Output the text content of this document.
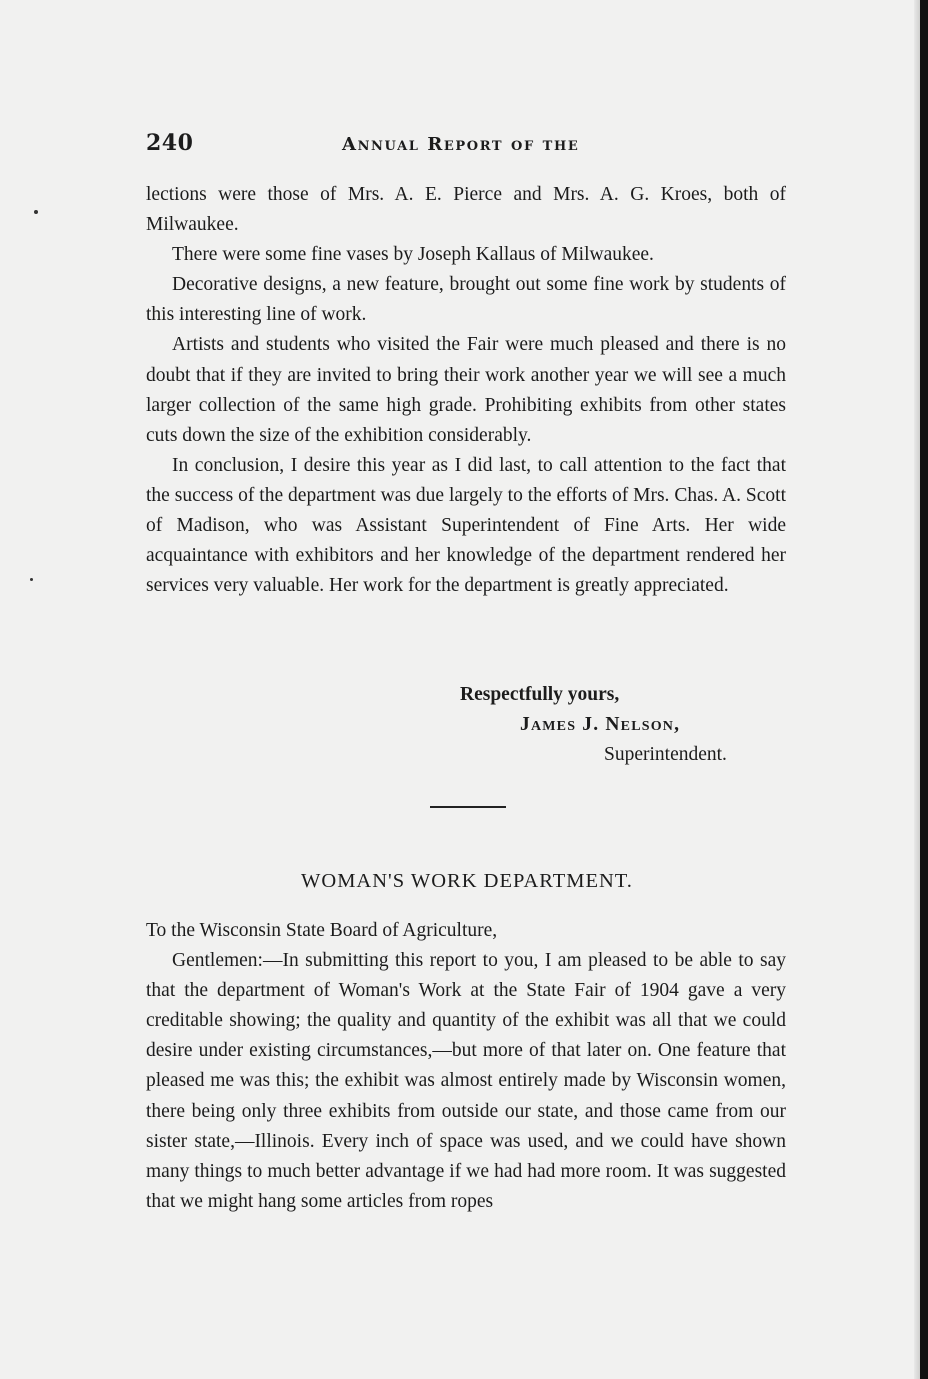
240	Annual Report of the

lections were those of Mrs. A. E. Pierce and Mrs. A. G. Kroes, both of Milwaukee.

There were some fine vases by Joseph Kallaus of Milwaukee.

Decorative designs, a new feature, brought out some fine work by students of this interesting line of work.

Artists and students who visited the Fair were much pleased and there is no doubt that if they are invited to bring their work another year we will see a much larger collection of the same high grade. Prohibiting exhibits from other states cuts down the size of the exhibition considerably.

In conclusion, I desire this year as I did last, to call attention to the fact that the success of the department was due largely to the efforts of Mrs. Chas. A. Scott of Madison, who was Assistant Superintendent of Fine Arts. Her wide acquaintance with exhibitors and her knowledge of the department rendered her services very valuable. Her work for the department is greatly appreciated.

Respectfully yours,
James J. Nelson,
Superintendent.
WOMAN'S WORK DEPARTMENT.

To the Wisconsin State Board of Agriculture,

Gentlemen:—In submitting this report to you, I am pleased to be able to say that the department of Woman's Work at the State Fair of 1904 gave a very creditable showing; the quality and quantity of the exhibit was all that we could desire under existing circumstances,—but more of that later on. One feature that pleased me was this; the exhibit was almost entirely made by Wisconsin women, there being only three exhibits from outside our state, and those came from our sister state,—Illinois. Every inch of space was used, and we could have shown many things to much better advantage if we had had more room. It was suggested that we might hang some articles from ropes
